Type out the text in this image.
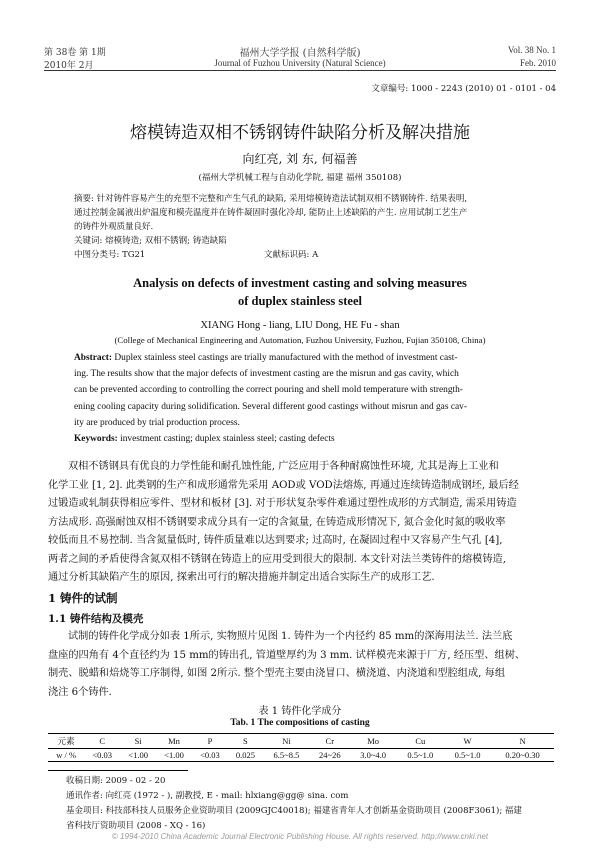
第 38卷 第 1期
2010年 2月
福州大学学报 (自然科学版)
Journal of Fuzhou University (Natural Science)
Vol. 38 No. 1
Feb. 2010
文章编号: 1000 - 2243 (2010) 01 - 0101 - 04
熔模铸造双相不锈钢铸件缺陷分析及解决措施
向红亮, 刘 东, 何福善
(福州大学机械工程与自动化学院, 福建 福州 350108)
摘要: 针对铸件容易产生的充型不完整和产生气孔的缺陷, 采用熔模铸造法试制双相不锈钢铸件. 结果表明,
通过控制金属液出炉温度和模壳温度并在铸件凝固时强化冷却, 能防止上述缺陷的产生. 应用试制工艺生产
的铸件外观质量良好.
关键词: 熔模铸造; 双相不锈钢; 铸造缺陷
中图分类号: TG21	文献标识码: A
Analysis on defects of investment casting and solving measures
of duplex stainless steel
XIANG Hong - liang, LIU Dong, HE Fu - shan
(College of Mechanical Engineering and Automation, Fuzhou University, Fuzhou, Fujian 350108, China)
Abstract: Duplex stainless steel castings are trially manufactured with the method of investment cast-
ing. The results show that the major defects of investment casting are the misrun and gas cavity, which
can be prevented according to controlling the correct pouring and shell mold temperature with strength-
ening cooling capacity during solidification. Several different good castings without misrun and gas cav-
ity are produced by trial production process.
Keywords: investment casting; duplex stainless steel; casting defects
双相不锈钢具有优良的力学性能和耐孔蚀性能, 广泛应用于各种耐腐蚀性环境, 尤其是海上工业和
化学工业 [1, 2]. 此类钢的生产和成形通常先采用 AOD或 VOD法熔炼, 再通过连续铸造制成钢坯, 最后经
过锻造或轧制获得相应零件、型材和板材 [3]. 对于形状复杂零件难通过塑性成形的方式制造, 需采用铸造
方法成形. 高强耐蚀双相不锈钢要求成分具有一定的含氮量, 在铸造成形情况下, 氮合金化时氮的吸收率
较低而且不易控制. 当含氮量低时, 铸件质量难以达到要求; 过高时, 在凝固过程中又容易产生气孔 [4],
两者之间的矛盾使得含氮双相不锈钢在铸造上的应用受到很大的限制. 本文针对法兰类铸件的熔模铸造,
通过分析其缺陷产生的原因, 探索出可行的解决措施并制定出适合实际生产的成形工艺.
1 铸件的试制
1.1 铸件结构及模壳
试制的铸件化学成分如表 1所示, 实物照片见图 1. 铸件为一个内径约 85 mm的深海用法兰. 法兰底
盘座的四角有 4个直径约为 15 mm的铸出孔, 管道壁厚约为 3 mm. 试样模壳来源于厂方, 经压型、组树、
制壳、脱蜡和焙烧等工序制得, 如图 2所示. 整个型壳主要由浇冒口、横浇道、内浇道和型腔组成, 每组
浇注 6个铸件.
表 1 铸件化学成分
Tab. 1 The compositions of casting
元素	C	Si	Mn	P	S	Ni	Cr	Mo	Cu	W	N
w / %	<0.03	<1.00	<1.00	<0.03	0.025	6.5~8.5	24~26	3.0~4.0	0.5~1.0	0.5~1.0	0.20~0.30
收稿日期: 2009 - 02 - 20
通讯作者: 向红亮 (1972 - ), 副教授, E - mail: hlxiang@gg@ sina. com
基金项目: 科技部科技人员服务企业资助项目 (2009GJC40018); 福建省青年人才创新基金资助项目 (2008F3061); 福建
省科技厅资助项目 (2008 - XQ - 16)
© 1994-2010 China Academic Journal Electronic Publishing House. All rights reserved. http://www.cnki.net
